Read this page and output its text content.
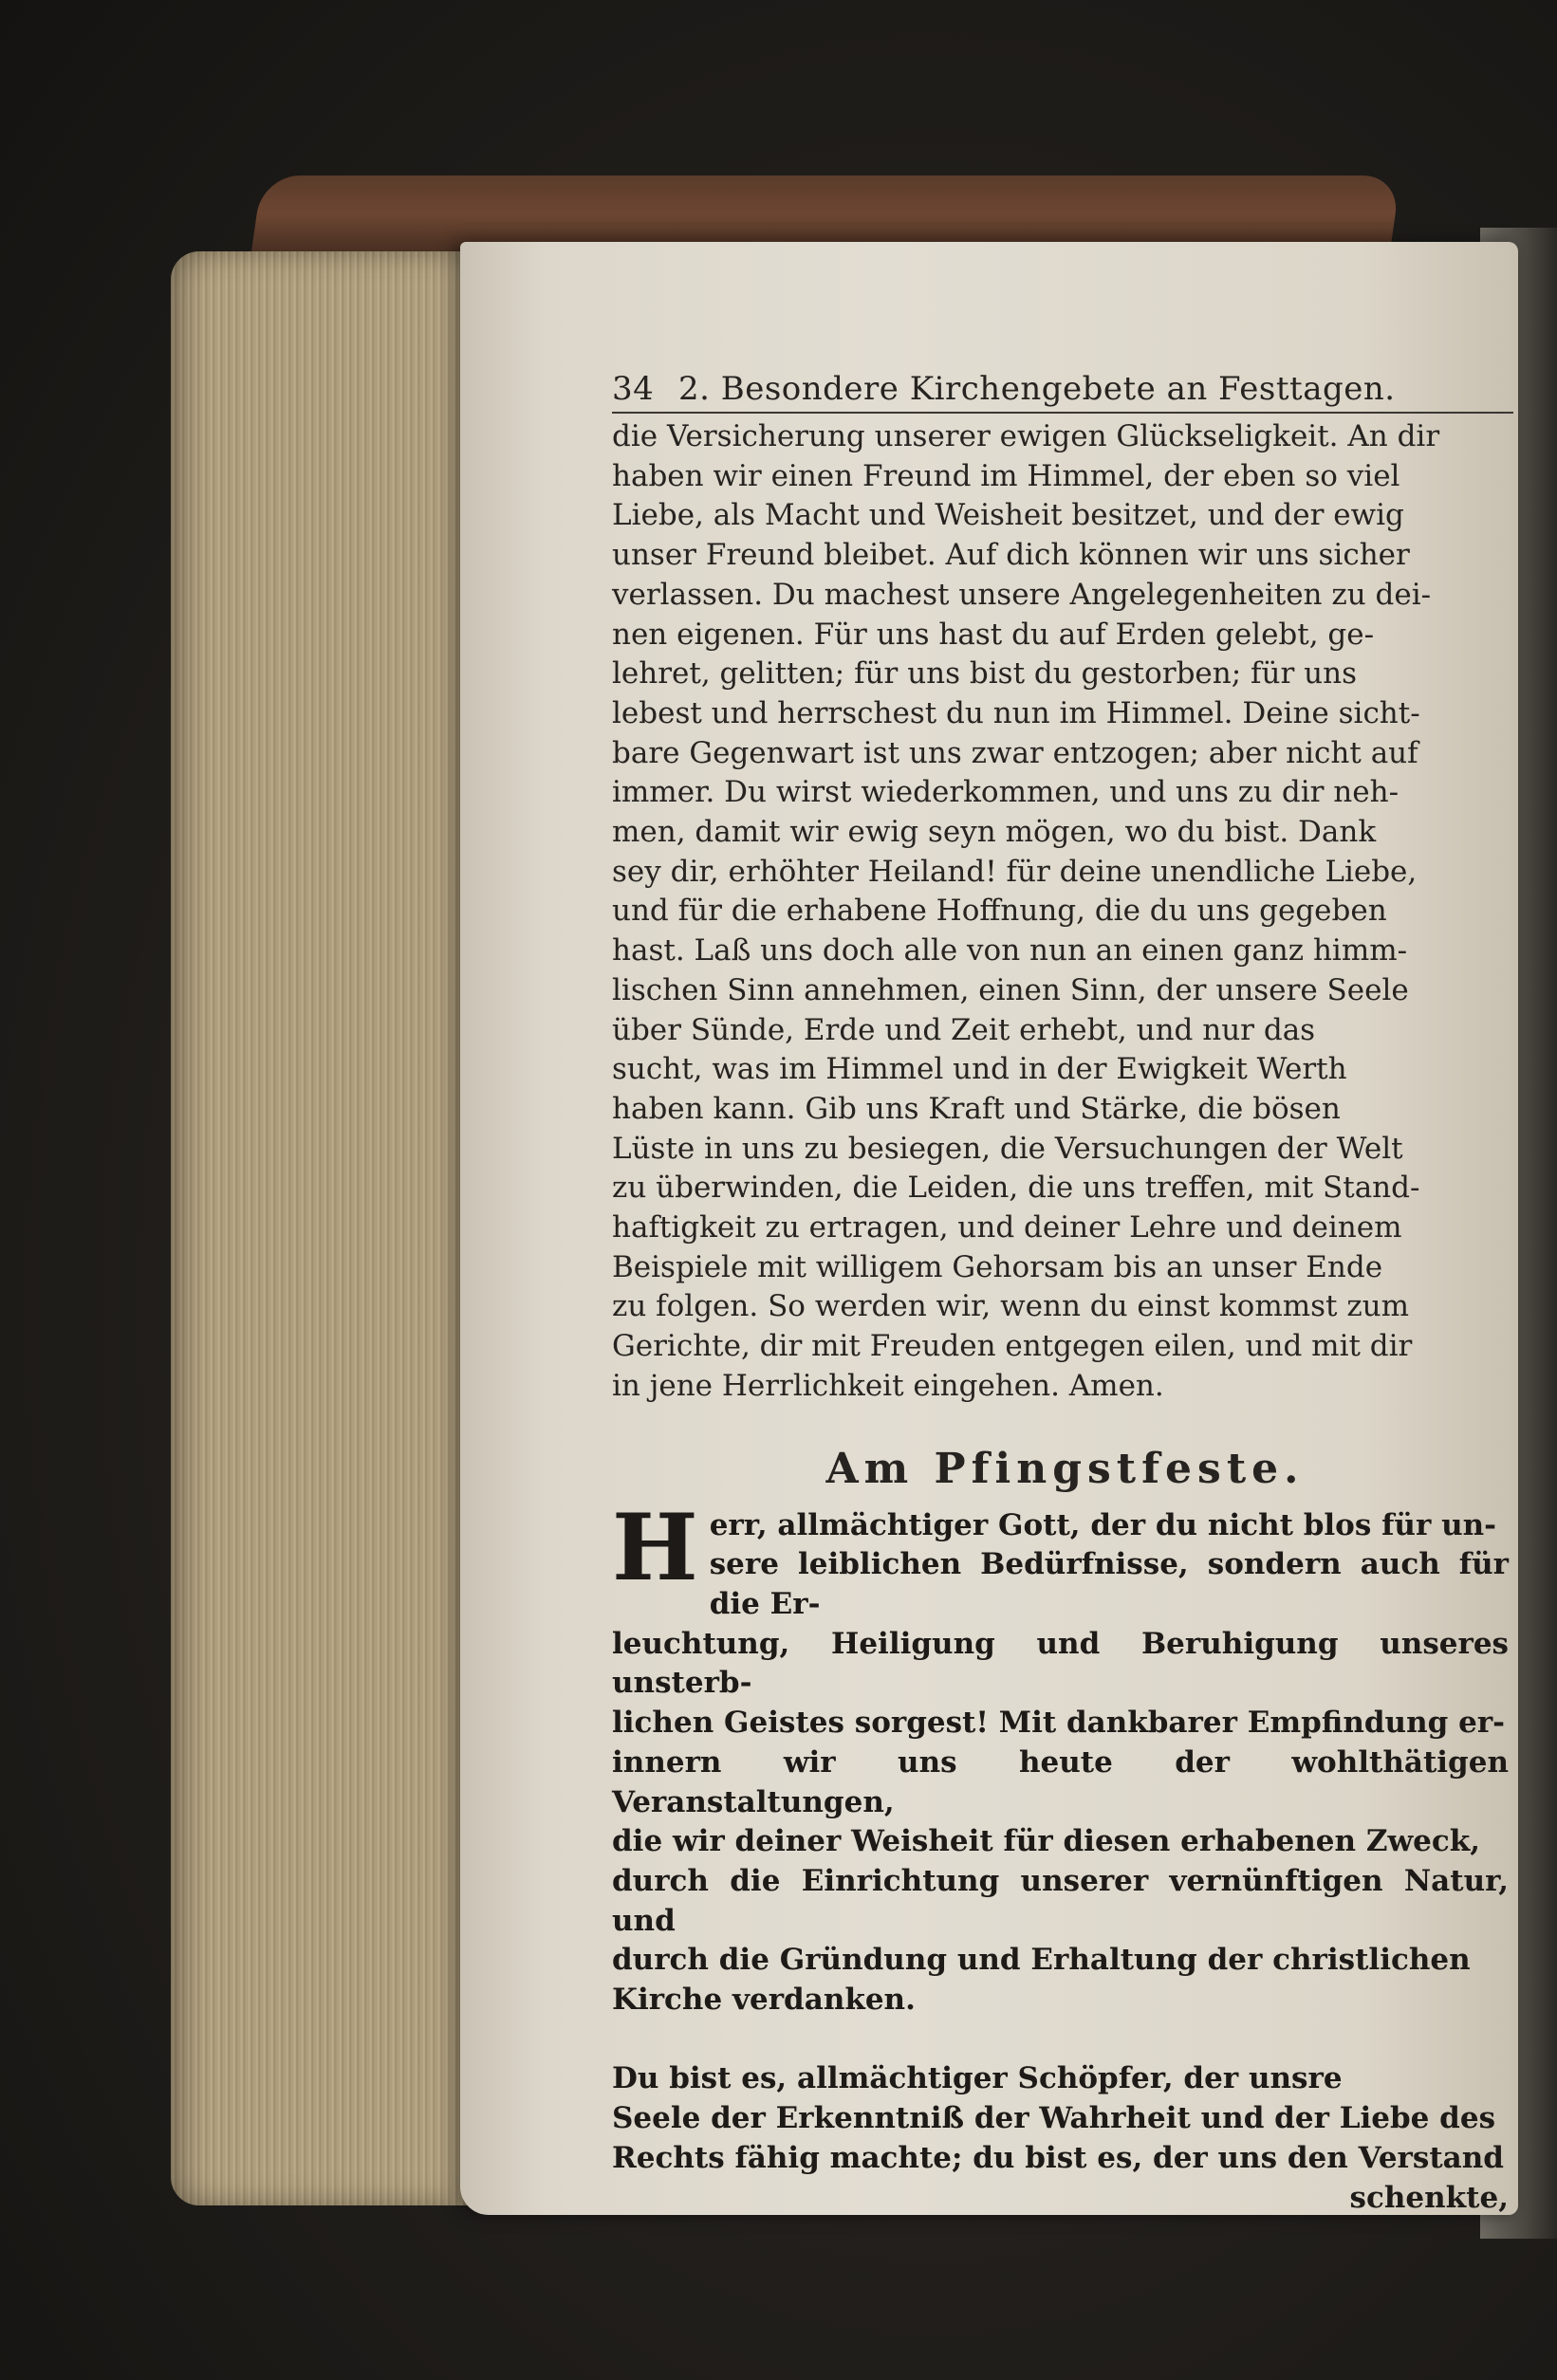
34 2. Besondere Kirchengebete an Festtagen.
die Versicherung unserer ewigen Glückseligkeit. An dir
haben wir einen Freund im Himmel, der eben so viel
Liebe, als Macht und Weisheit besitzet, und der ewig
unser Freund bleibet. Auf dich können wir uns sicher
verlassen. Du machest unsere Angelegenheiten zu dei-
nen eigenen. Für uns hast du auf Erden gelebt, ge-
lehret, gelitten; für uns bist du gestorben; für uns
lebest und herrschest du nun im Himmel. Deine sicht-
bare Gegenwart ist uns zwar entzogen; aber nicht auf
immer. Du wirst wiederkommen, und uns zu dir neh-
men, damit wir ewig seyn mögen, wo du bist. Dank
sey dir, erhöhter Heiland! für deine unendliche Liebe,
und für die erhabene Hoffnung, die du uns gegeben
hast. Laß uns doch alle von nun an einen ganz himm-
lischen Sinn annehmen, einen Sinn, der unsere Seele
über Sünde, Erde und Zeit erhebt, und nur das
sucht, was im Himmel und in der Ewigkeit Werth
haben kann. Gib uns Kraft und Stärke, die bösen
Lüste in uns zu besiegen, die Versuchungen der Welt
zu überwinden, die Leiden, die uns treffen, mit Stand-
haftigkeit zu ertragen, und deiner Lehre und deinem
Beispiele mit willigem Gehorsam bis an unser Ende
zu folgen. So werden wir, wenn du einst kommst zum
Gerichte, dir mit Freuden entgegen eilen, und mit dir
in jene Herrlichkeit eingehen. Amen.
Am Pfingstfeste.
H err, allmächtiger Gott, der du nicht blos für un-
sere leiblichen Bedürfnisse, sondern auch für die Er-
leuchtung, Heiligung und Beruhigung unseres unsterb-
lichen Geistes sorgest! Mit dankbarer Empfindung er-
innern wir uns heute der wohlthätigen Veranstaltungen,
die wir deiner Weisheit für diesen erhabenen Zweck,
durch die Einrichtung unserer vernünftigen Natur, und
durch die Gründung und Erhaltung der christlichen
Kirche verdanken.

Du bist es, allmächtiger Schöpfer, der unsre
Seele der Erkenntniß der Wahrheit und der Liebe des
Rechts fähig machte; du bist es, der uns den Verstand

schenkte,
